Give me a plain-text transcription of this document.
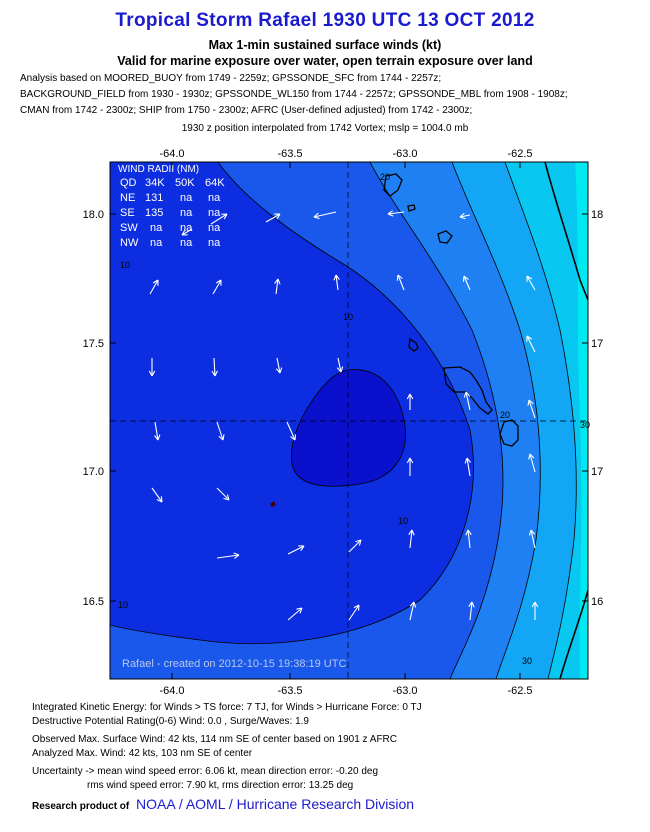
Tropical Storm Rafael 1930 UTC 13 OCT 2012
Max 1-min sustained surface winds (kt)
Valid for marine exposure over water, open terrain exposure over land
Analysis based on MOORED_BUOY from 1749 - 2259z; GPSSONDE_SFC from 1744 - 2257z;
BACKGROUND_FIELD from 1930 - 1930z; GPSSONDE_WL150 from 1744 - 2257z; GPSSONDE_MBL from 1908 - 1908z;
CMAN from 1742 - 2300z; SHIP from 1750 - 2300z; AFRC (User-defined adjusted) from 1742 - 2300z;
1930 z position interpolated from 1742 Vortex; mslp = 1004.0 mb
-64.0
-64.0
-63.5
-63.5
-63.0
-63.0
-62.5
-62.5
18.0	18
17.5	17
17.0	17
16.5	16
10
10
10
10
20
30
30
20
WIND RADII (NM)
QD 34K 50K 64K
NE 131 na na
SE 135 na na
SW na na na
NW na na na
Rafael - created on 2012-10-15 19:38:19 UTC
Integrated Kinetic Energy: for Winds > TS force: 7 TJ, for Winds > Hurricane Force: 0 TJ
Destructive Potential Rating(0-6) Wind: 0.0 , Surge/Waves: 1.9
Observed Max. Surface Wind: 42 kts, 114 nm SE of center based on 1901 z AFRC
Analyzed Max. Wind: 42 kts, 103 nm SE of center
Uncertainty -> mean wind speed error: 6.06 kt, mean direction error: -0.20 deg
rms wind speed error: 7.90 kt, rms direction error: 13.25 deg
Research product of NOAA / AOML / Hurricane Research Division
